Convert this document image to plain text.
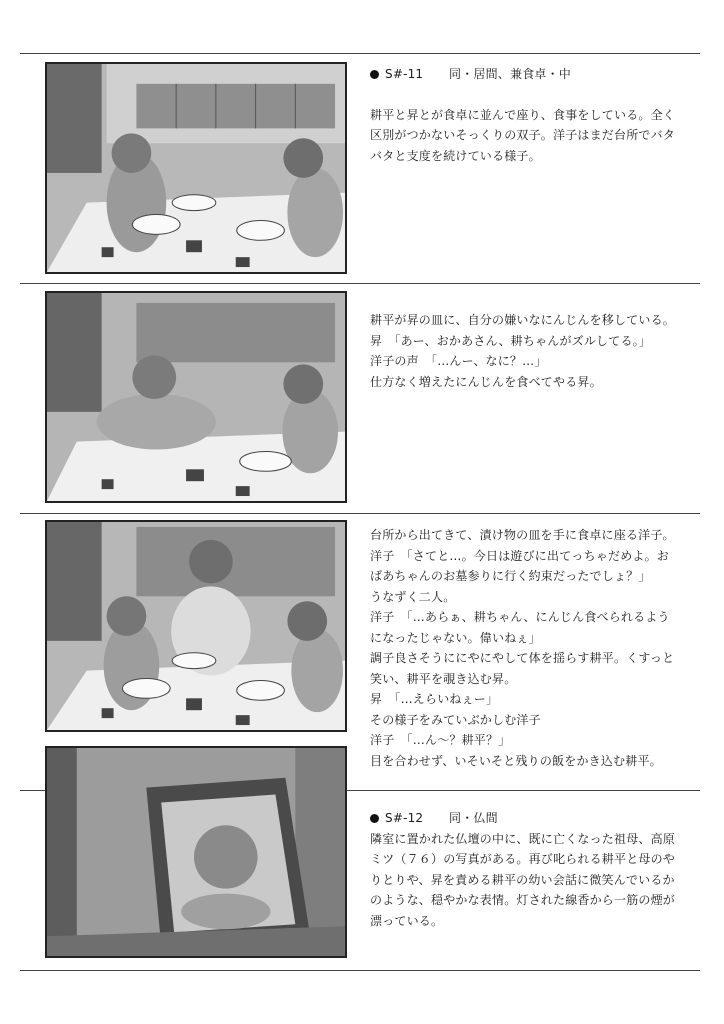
S#-11	同・居間、兼食卓・中

耕平と昇とが食卓に並んで座り、食事をしている。全く

区別がつかないそっくりの双子。洋子はまだ台所でバタ

バタと支度を続けている様子。

耕平が昇の皿に、自分の嫌いなにんじんを移している。

昇　「あー、おかあさん、耕ちゃんがズルしてる。」

洋子の声　「…んー、なに？…」

仕方なく増えたにんじんを食べてやる昇。

台所から出てきて、漬け物の皿を手に食卓に座る洋子。

洋子　「さてと…。今日は遊びに出てっちゃだめよ。お

ばあちゃんのお墓参りに行く約束だったでしょ？」

うなずく二人。

洋子　「…あらぁ、耕ちゃん、にんじん食べられるよう

になったじゃない。偉いねぇ」

調子良さそうににやにやして体を揺らす耕平。くすっと

笑い、耕平を覗き込む昇。

昇　「…えらいねぇー」

その様子をみていぶかしむ洋子

洋子　「…ん～？耕平？」

目を合わせず、いそいそと残りの飯をかき込む耕平。

S#-12	同・仏間

隣室に置かれた仏壇の中に、既に亡くなった祖母、高原

ミツ（７６）の写真がある。再び叱られる耕平と母のや

りとりや、昇を責める耕平の幼い会話に微笑んでいるか

のような、穏やかな表情。灯された線香から一筋の煙が

漂っている。
